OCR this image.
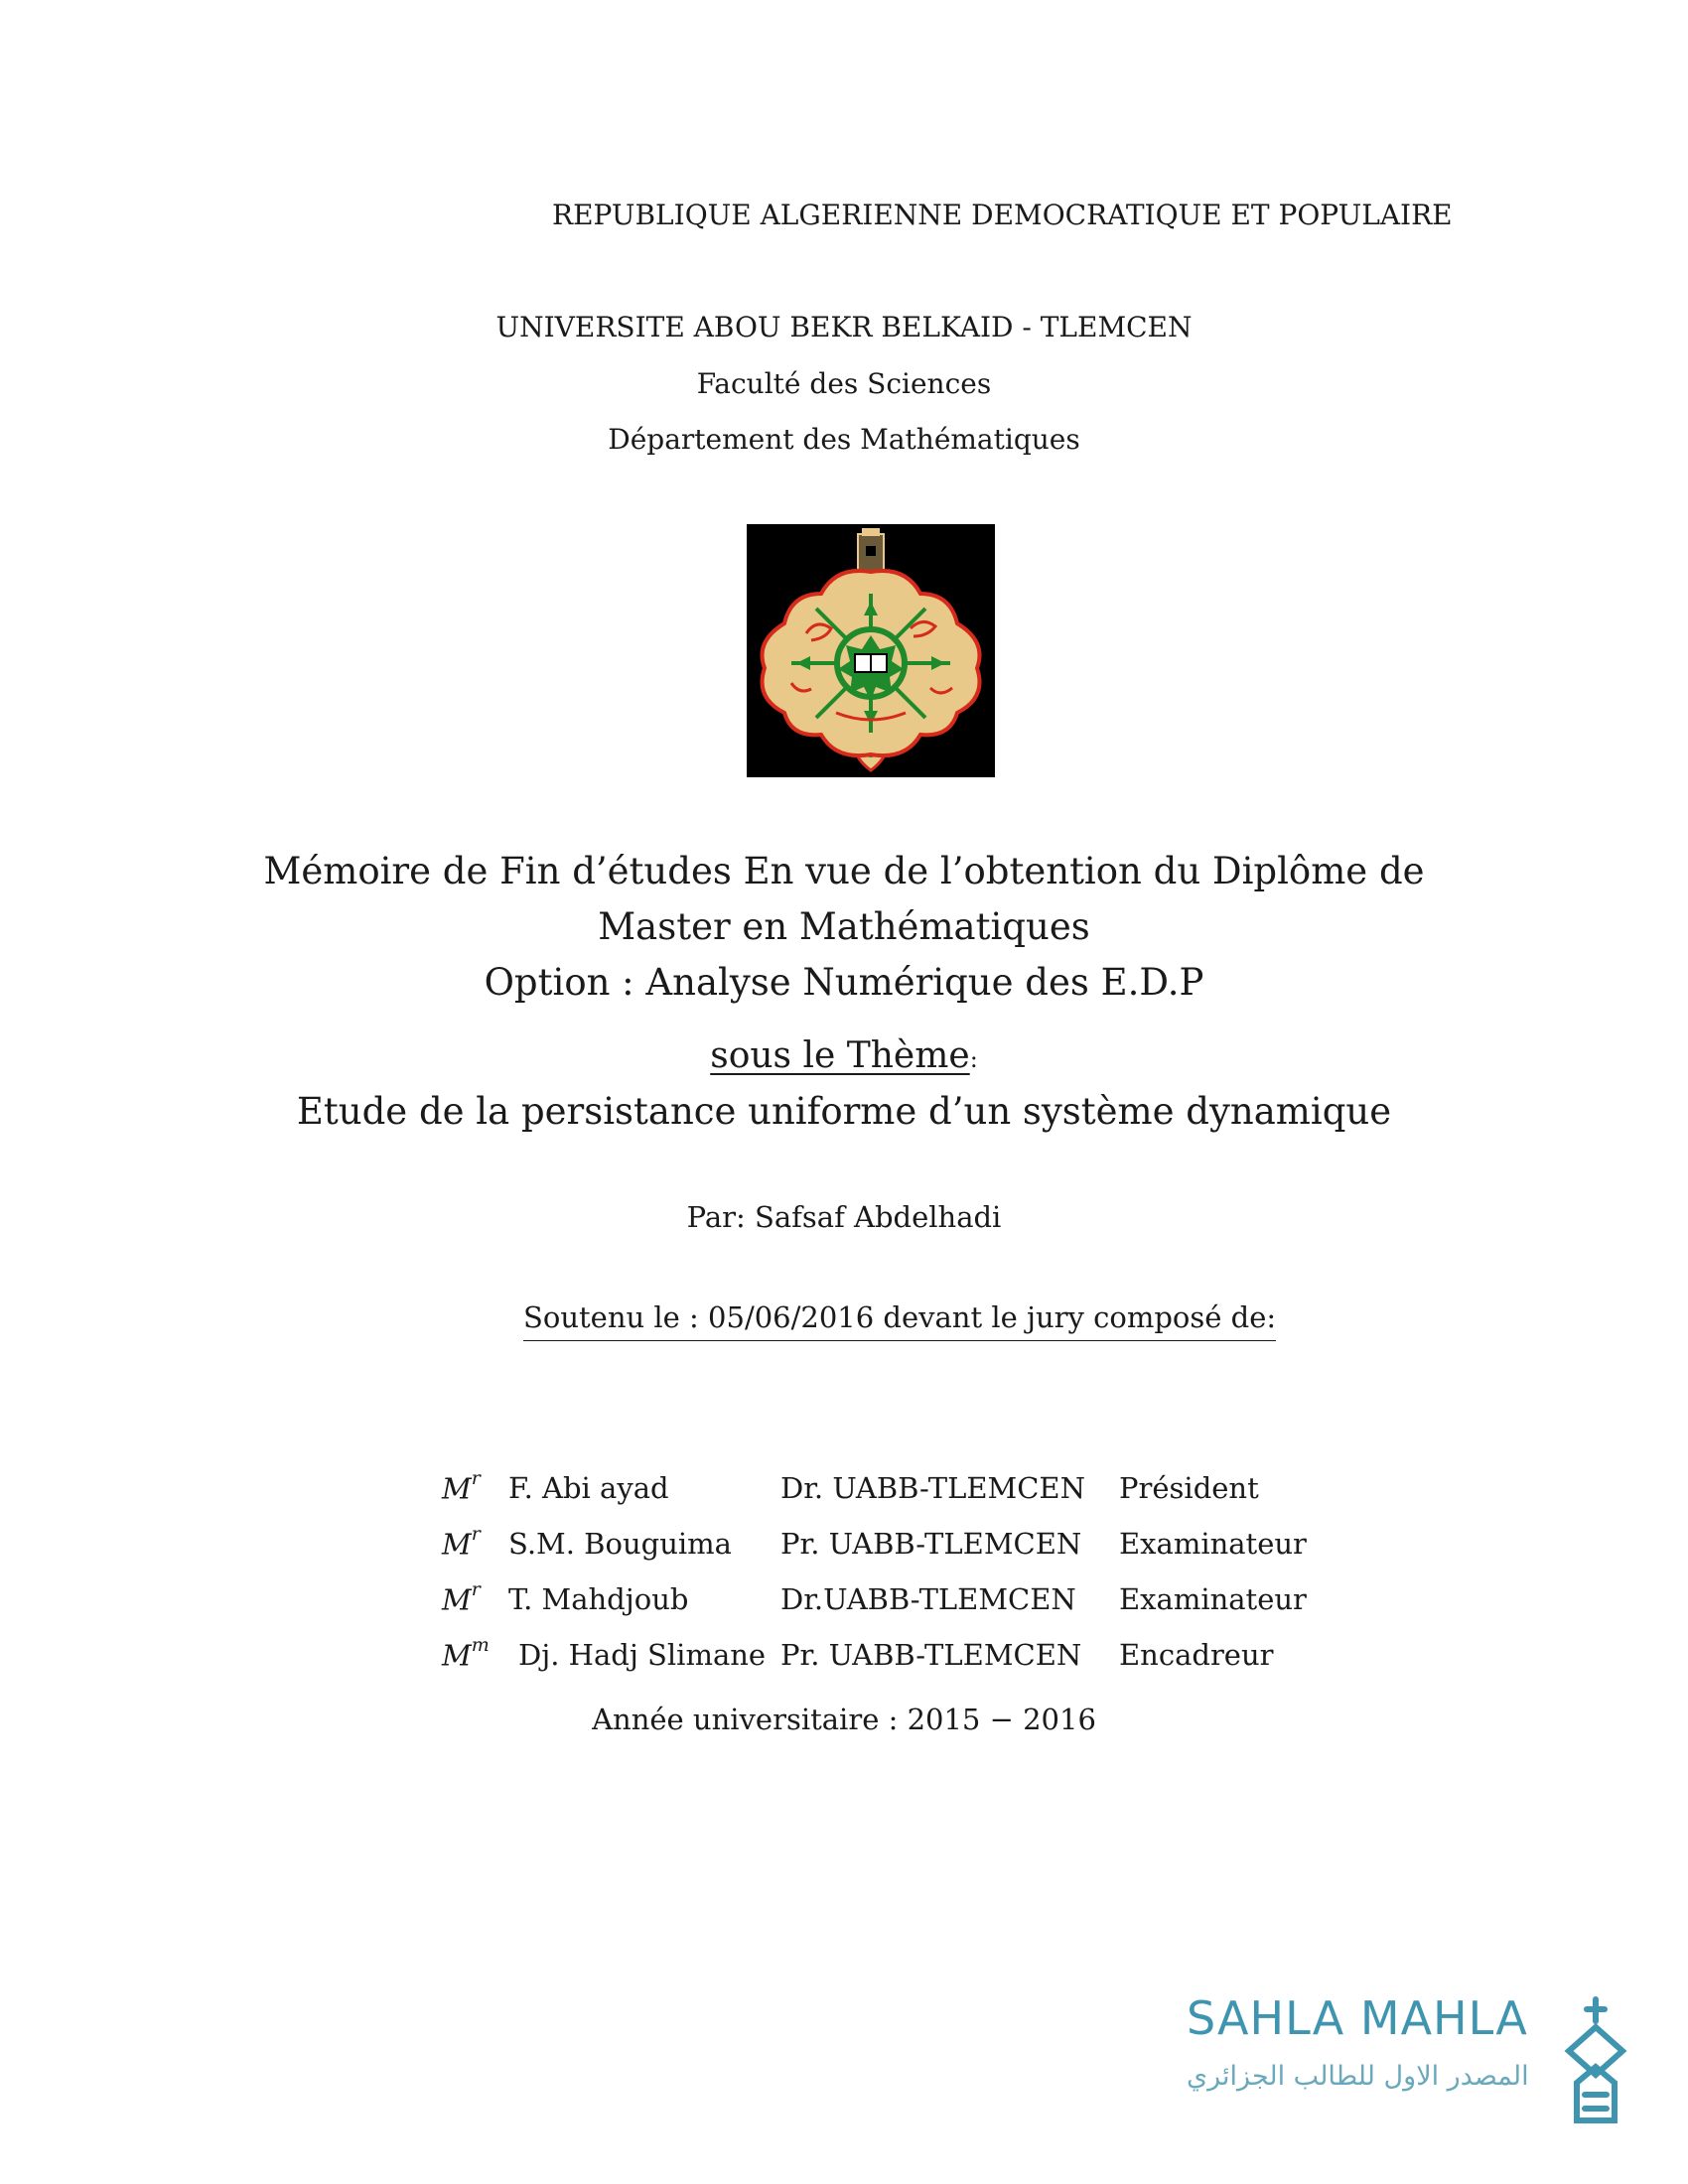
REPUBLIQUE ALGERIENNE DEMOCRATIQUE ET POPULAIRE
UNIVERSITE ABOU BEKR BELKAID - TLEMCEN
Faculté des Sciences
Département des Mathématiques
Mémoire de Fin d’études En vue de l’obtention du Diplôme de
Master en Mathématiques
Option : Analyse Numérique des E.D.P
sous le Thème:
Etude de la persistance uniforme d’un système dynamique
Par: Safsaf Abdelhadi
Soutenu le : 05/06/2016 devant le jury composé de:
$M^r$ F. Abi ayad	Dr. UABB-TLEMCEN Président
$M^r$ S.M. Bouguima Pr. UABB-TLEMCEN Examinateur
$M^r$ T. Mahdjoub	Dr.UABB-TLEMCEN Examinateur
$M^m$ Dj. Hadj Slimane Pr. UABB-TLEMCEN Encadreur
Année universitaire : 2015 − 2016
SAHLA MAHLA
المصدر الاول للطالب الجزائري
